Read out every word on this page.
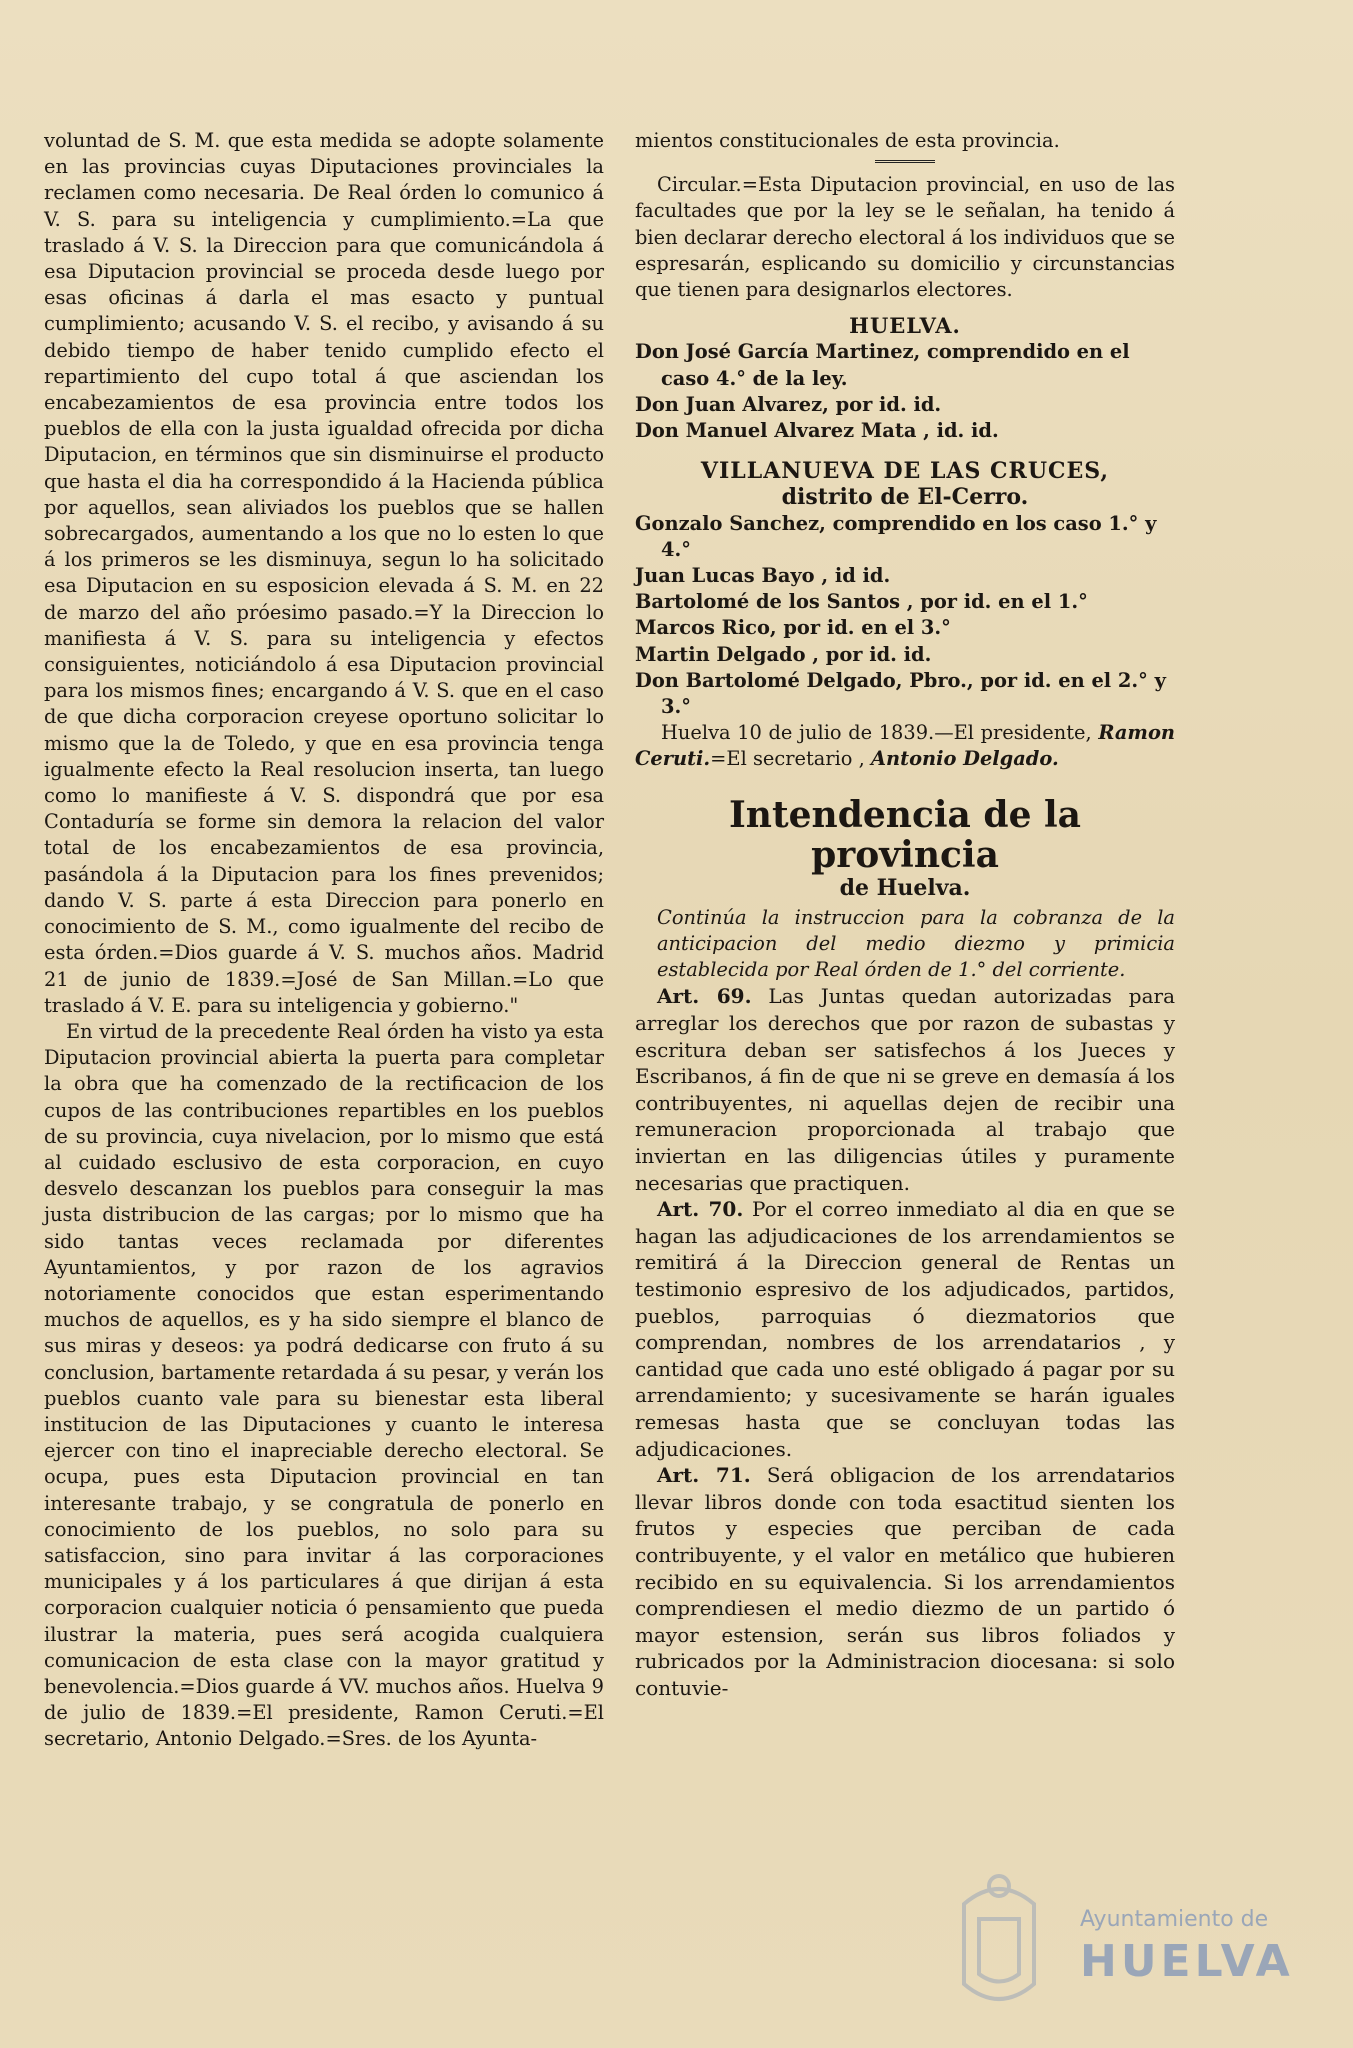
voluntad de S. M. que esta medida se adopte solamente en las provincias cuyas Diputaciones provinciales la reclamen como necesaria. De Real órden lo comunico á V. S. para su inteligencia y cumplimiento.=La que traslado á V. S. la Direccion para que comunicándola á esa Diputacion provincial se proceda desde luego por esas oficinas á darla el mas esacto y puntual cumplimiento; acusando V. S. el recibo, y avisando á su debido tiempo de haber tenido cumplido efecto el repartimiento del cupo total á que asciendan los encabezamientos de esa provincia entre todos los pueblos de ella con la justa igualdad ofrecida por dicha Diputacion, en términos que sin disminuirse el producto que hasta el dia ha correspondido á la Hacienda pública por aquellos, sean aliviados los pueblos que se hallen sobrecargados, aumentando a los que no lo esten lo que á los primeros se les disminuya, segun lo ha solicitado esa Diputacion en su esposicion elevada á S. M. en 22 de marzo del año próesimo pasado.=Y la Direccion lo manifiesta á V. S. para su inteligencia y efectos consiguientes, noticiándolo á esa Diputacion provincial para los mismos fines; encargando á V. S. que en el caso de que dicha corporacion creyese oportuno solicitar lo mismo que la de Toledo, y que en esa provincia tenga igualmente efecto la Real resolucion inserta, tan luego como lo manifieste á V. S. dispondrá que por esa Contaduría se forme sin demora la relacion del valor total de los encabezamientos de esa provincia, pasándola á la Diputacion para los fines prevenidos; dando V. S. parte á esta Direccion para ponerlo en conocimiento de S. M., como igualmente del recibo de esta órden.=Dios guarde á V. S. muchos años. Madrid 21 de junio de 1839.=José de San Millan.=Lo que traslado á V. E. para su inteligencia y gobierno."

En virtud de la precedente Real órden ha visto ya esta Diputacion provincial abierta la puerta para completar la obra que ha comenzado de la rectificacion de los cupos de las contribuciones repartibles en los pueblos de su provincia, cuya nivelacion, por lo mismo que está al cuidado esclusivo de esta corporacion, en cuyo desvelo descanzan los pueblos para conseguir la mas justa distribucion de las cargas; por lo mismo que ha sido tantas veces reclamada por diferentes Ayuntamientos, y por razon de los agravios notoriamente conocidos que estan esperimentando muchos de aquellos, es y ha sido siempre el blanco de sus miras y deseos: ya podrá dedicarse con fruto á su conclusion, bartamente retardada á su pesar, y verán los pueblos cuanto vale para su bienestar esta liberal institucion de las Diputaciones y cuanto le interesa ejercer con tino el inapreciable derecho electoral. Se ocupa, pues esta Diputacion provincial en tan interesante trabajo, y se congratula de ponerlo en conocimiento de los pueblos, no solo para su satisfaccion, sino para invitar á las corporaciones municipales y á los particulares á que dirijan á esta corporacion cualquier noticia ó pensamiento que pueda ilustrar la materia, pues será acogida cualquiera comunicacion de esta clase con la mayor gratitud y benevolencia.=Dios guarde á VV. muchos años. Huelva 9 de julio de 1839.=El presidente, Ramon Ceruti.=El secretario, Antonio Delgado.=Sres. de los Ayunta-

mientos constitucionales de esta provincia.

Circular.=Esta Diputacion provincial, en uso de las facultades que por la ley se le señalan, ha tenido á bien declarar derecho electoral á los individuos que se espresarán, esplicando su domicilio y circunstancias que tienen para designarlos electores.

HUELVA.

Don José García Martinez, comprendido en el caso 4.° de la ley.

Don Juan Alvarez, por id. id.

Don Manuel Alvarez Mata , id. id.

VILLANUEVA DE LAS CRUCES,
distrito de El-Cerro.

Gonzalo Sanchez, comprendido en los caso 1.° y 4.°

Juan Lucas Bayo , id id.

Bartolomé de los Santos , por id. en el 1.°

Marcos Rico, por id. en el 3.°

Martin Delgado , por id. id.

Don Bartolomé Delgado, Pbro., por id. en el 2.° y 3.°

Huelva 10 de julio de 1839.—El presidente, Ramon Ceruti.=El secretario , Antonio Delgado.

Intendencia de la provincia
de Huelva.

Continúa la instruccion para la cobranza de la anticipacion del medio diezmo y primicia establecida por Real órden de 1.° del corriente.

Art. 69. Las Juntas quedan autorizadas para arreglar los derechos que por razon de subastas y escritura deban ser satisfechos á los Jueces y Escribanos, á fin de que ni se greve en demasía á los contribuyentes, ni aquellas dejen de recibir una remuneracion proporcionada al trabajo que inviertan en las diligencias útiles y puramente necesarias que practiquen.

Art. 70. Por el correo inmediato al dia en que se hagan las adjudicaciones de los arrendamientos se remitirá á la Direccion general de Rentas un testimonio espresivo de los adjudicados, partidos, pueblos, parroquias ó diezmatorios que comprendan, nombres de los arrendatarios , y cantidad que cada uno esté obligado á pagar por su arrendamiento; y sucesivamente se harán iguales remesas hasta que se concluyan todas las adjudicaciones.

Art. 71. Será obligacion de los arrendatarios llevar libros donde con toda esactitud sienten los frutos y especies que perciban de cada contribuyente, y el valor en metálico que hubieren recibido en su equivalencia. Si los arrendamientos comprendiesen el medio diezmo de un partido ó mayor estension, serán sus libros foliados y rubricados por la Administracion diocesana: si solo contuvie-

Ayuntamiento de
HUELVA
